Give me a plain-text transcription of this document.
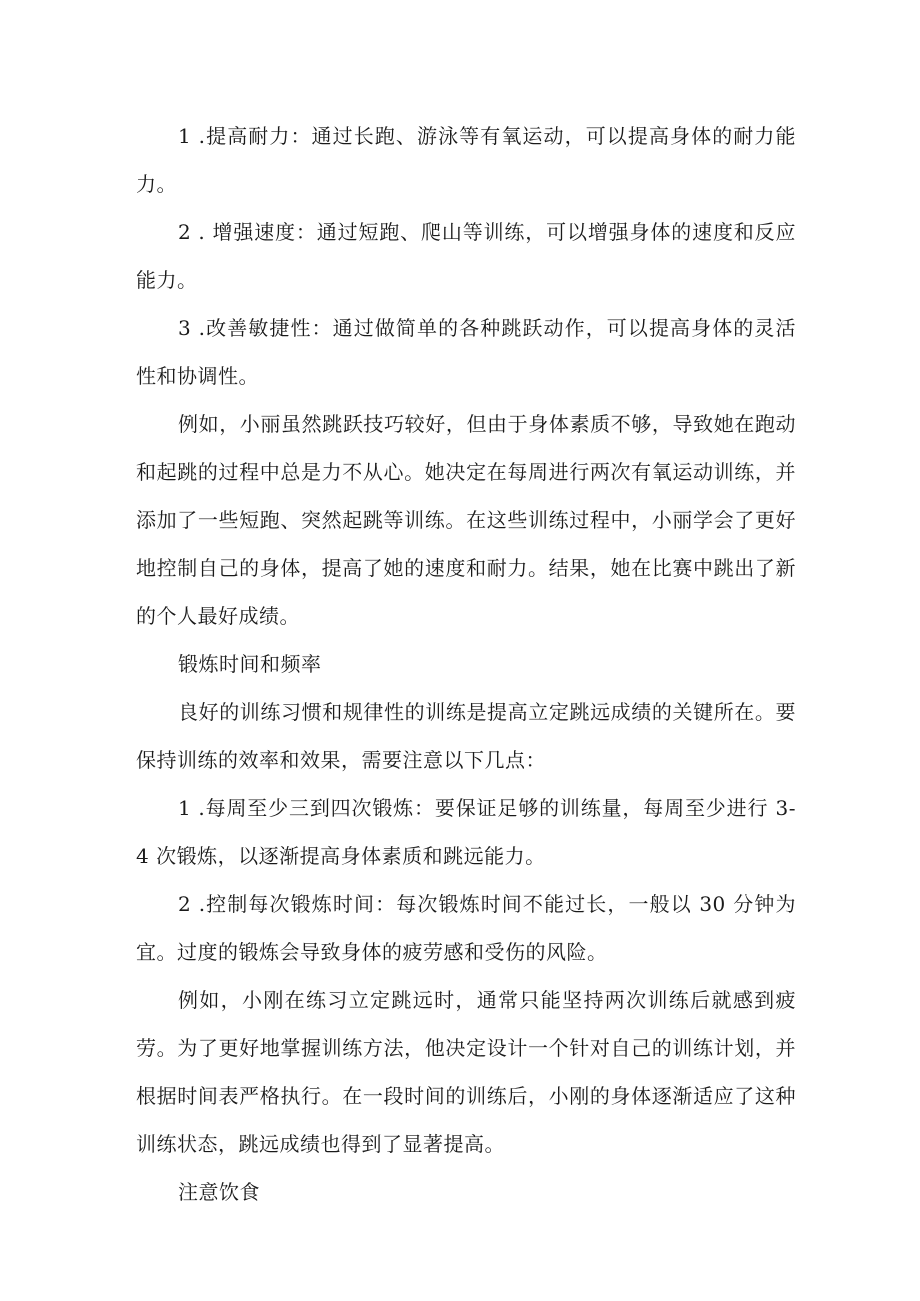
1 .提高耐力：通过长跑、游泳等有氧运动，可以提高身体的耐力能力。

2 . 增强速度：通过短跑、爬山等训练，可以增强身体的速度和反应能力。

3 .改善敏捷性：通过做简单的各种跳跃动作，可以提高身体的灵活性和协调性。

例如，小丽虽然跳跃技巧较好，但由于身体素质不够，导致她在跑动和起跳的过程中总是力不从心。她决定在每周进行两次有氧运动训练，并添加了一些短跑、突然起跳等训练。在这些训练过程中，小丽学会了更好地控制自己的身体，提高了她的速度和耐力。结果，她在比赛中跳出了新的个人最好成绩。

锻炼时间和频率

良好的训练习惯和规律性的训练是提高立定跳远成绩的关键所在。要保持训练的效率和效果，需要注意以下几点：

1 .每周至少三到四次锻炼：要保证足够的训练量，每周至少进行 3-4 次锻炼，以逐渐提高身体素质和跳远能力。

2 .控制每次锻炼时间：每次锻炼时间不能过长，一般以 30 分钟为宜。过度的锻炼会导致身体的疲劳感和受伤的风险。

例如，小刚在练习立定跳远时，通常只能坚持两次训练后就感到疲劳。为了更好地掌握训练方法，他决定设计一个针对自己的训练计划，并根据时间表严格执行。在一段时间的训练后，小刚的身体逐渐适应了这种训练状态，跳远成绩也得到了显著提高。

注意饮食
